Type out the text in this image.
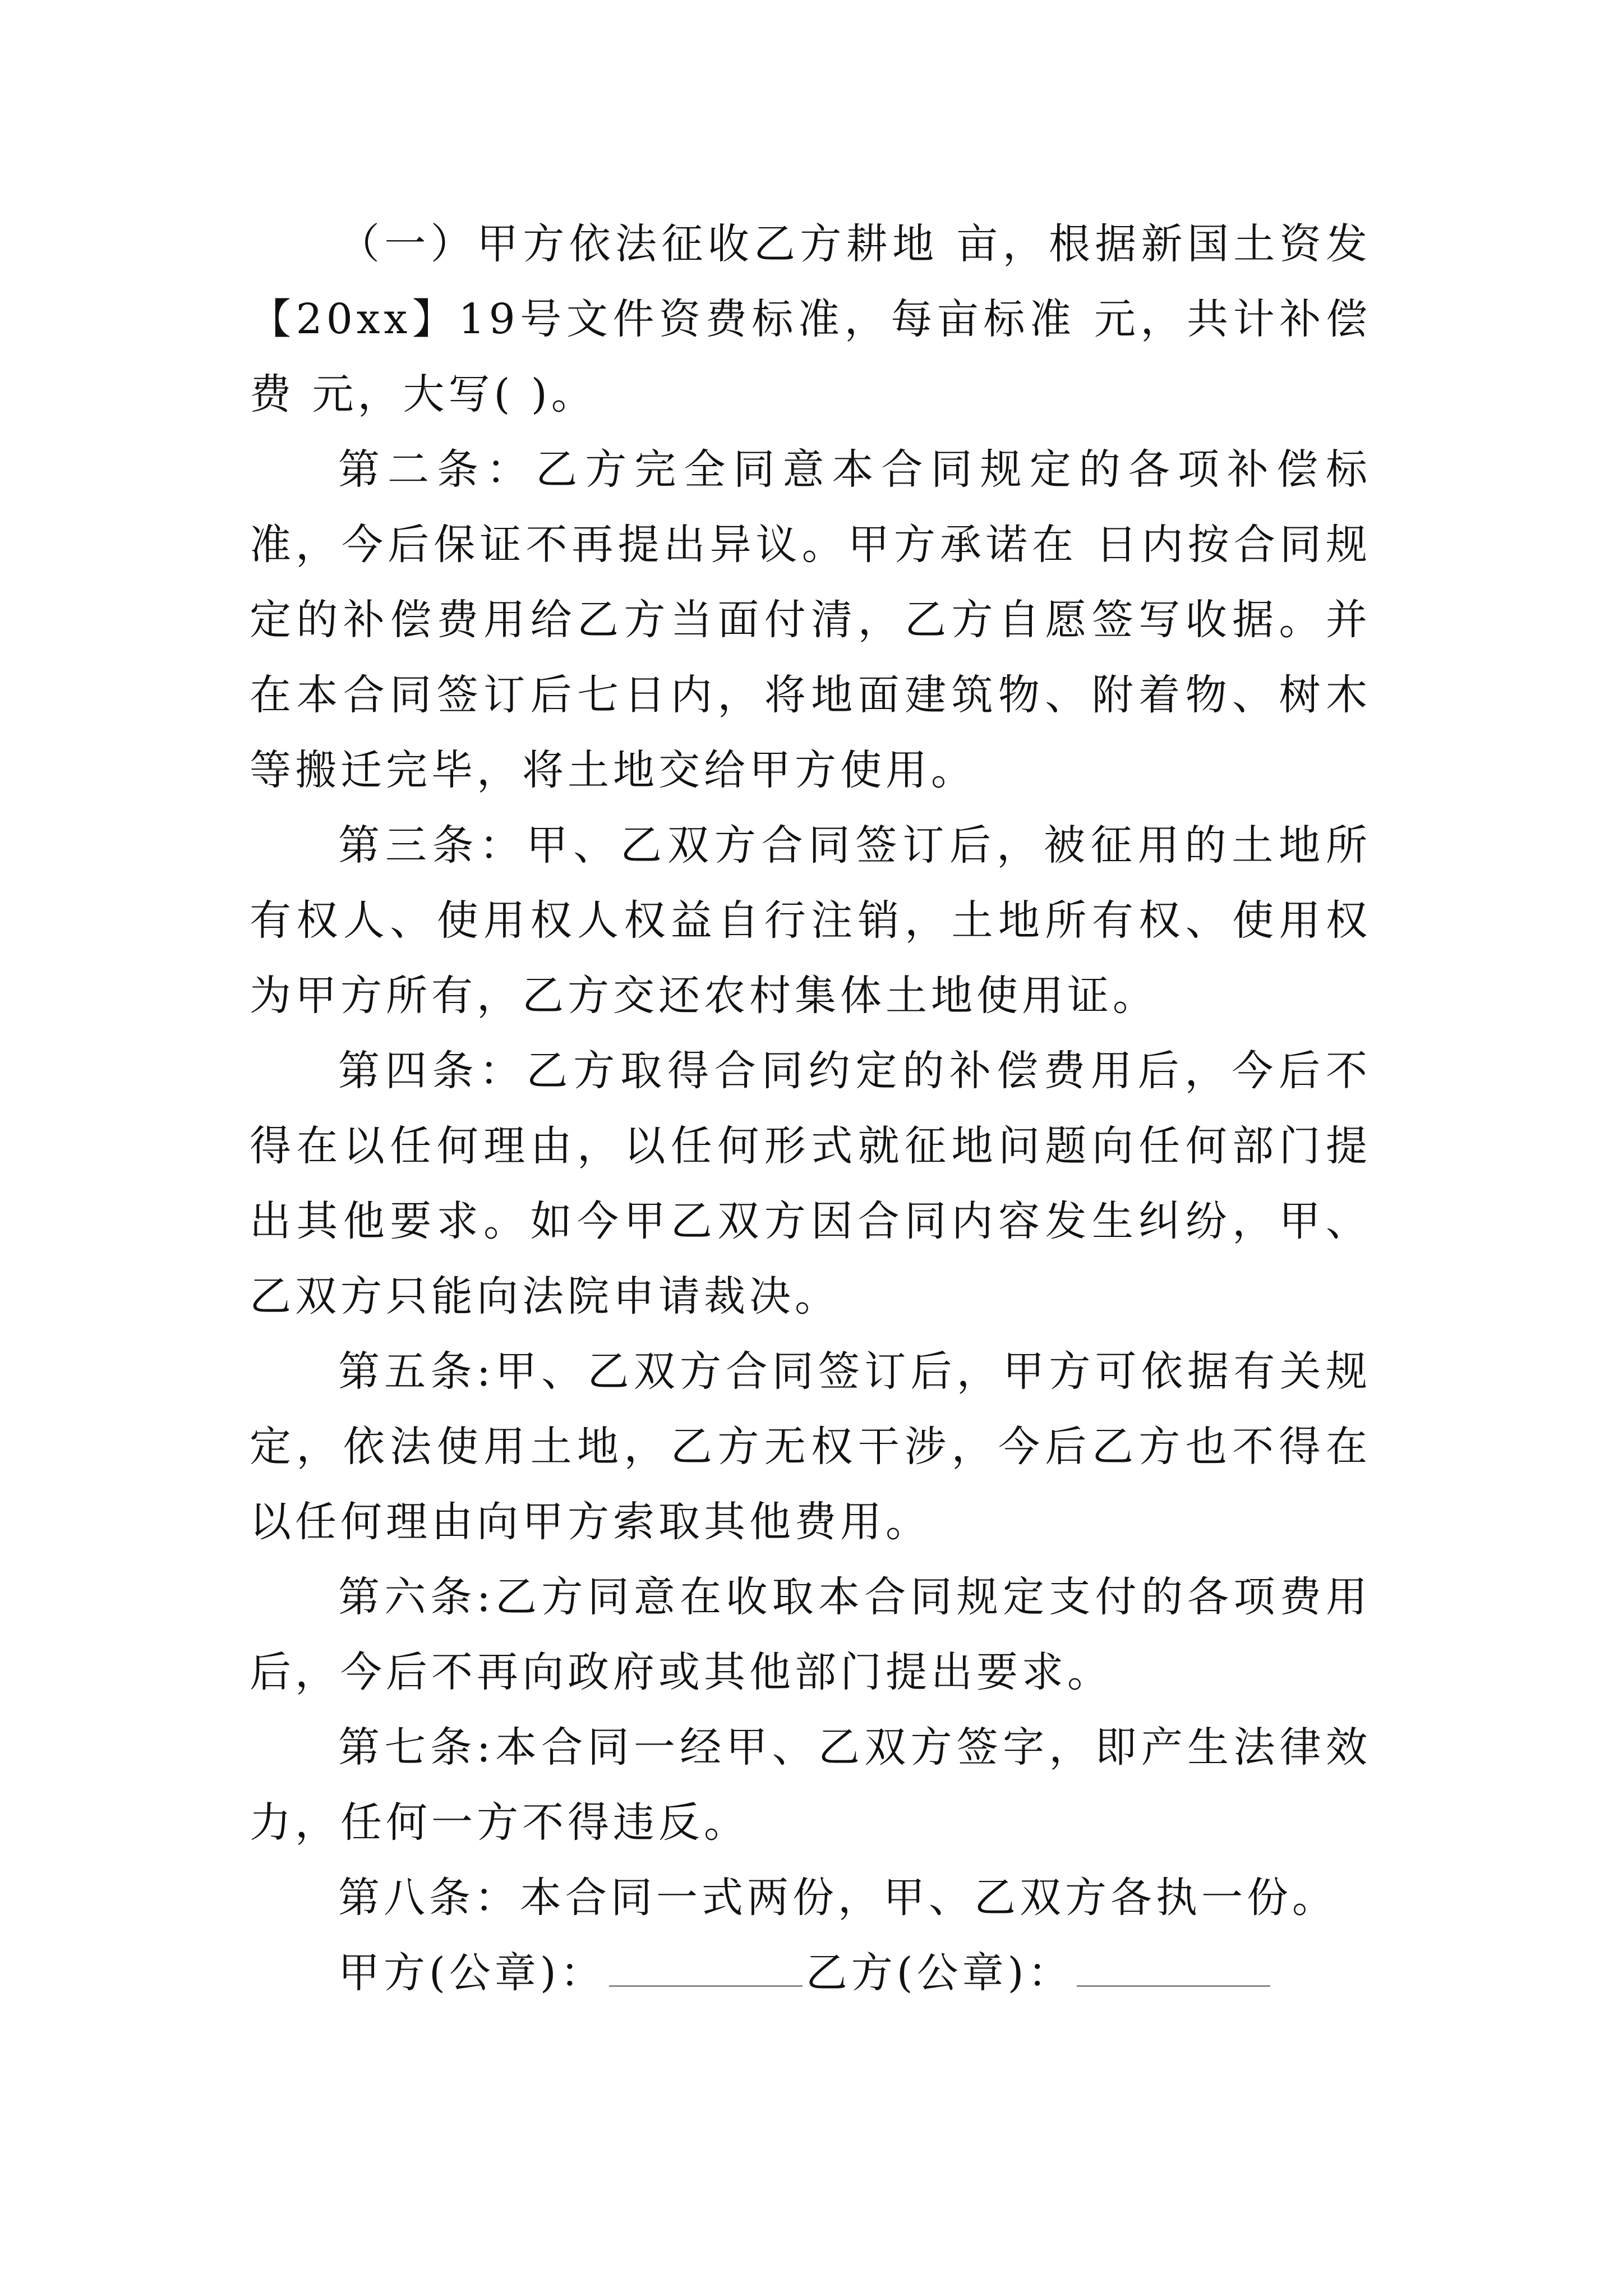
（一）甲方依法征收乙方耕地 亩，根据新国土资发【20xx】19号文件资费标准，每亩标准 元，共计补偿费 元，大写( )。

第二条：乙方完全同意本合同规定的各项补偿标准，今后保证不再提出异议。甲方承诺在 日内按合同规定的补偿费用给乙方当面付清，乙方自愿签写收据。并在本合同签订后七日内，将地面建筑物、附着物、树木等搬迁完毕，将土地交给甲方使用。

第三条：甲、乙双方合同签订后，被征用的土地所有权人、使用权人权益自行注销，土地所有权、使用权为甲方所有，乙方交还农村集体土地使用证。

第四条：乙方取得合同约定的补偿费用后，今后不得在以任何理由，以任何形式就征地问题向任何部门提出其他要求。如今甲乙双方因合同内容发生纠纷，甲、乙双方只能向法院申请裁决。

第五条:甲、乙双方合同签订后，甲方可依据有关规定，依法使用土地，乙方无权干涉，今后乙方也不得在以任何理由向甲方索取其他费用。

第六条:乙方同意在收取本合同规定支付的各项费用后，今后不再向政府或其他部门提出要求。

第七条:本合同一经甲、乙双方签字，即产生法律效力，任何一方不得违反。

第八条：本合同一式两份，甲、乙双方各执一份。

甲方(公章)：	乙方(公章)：
